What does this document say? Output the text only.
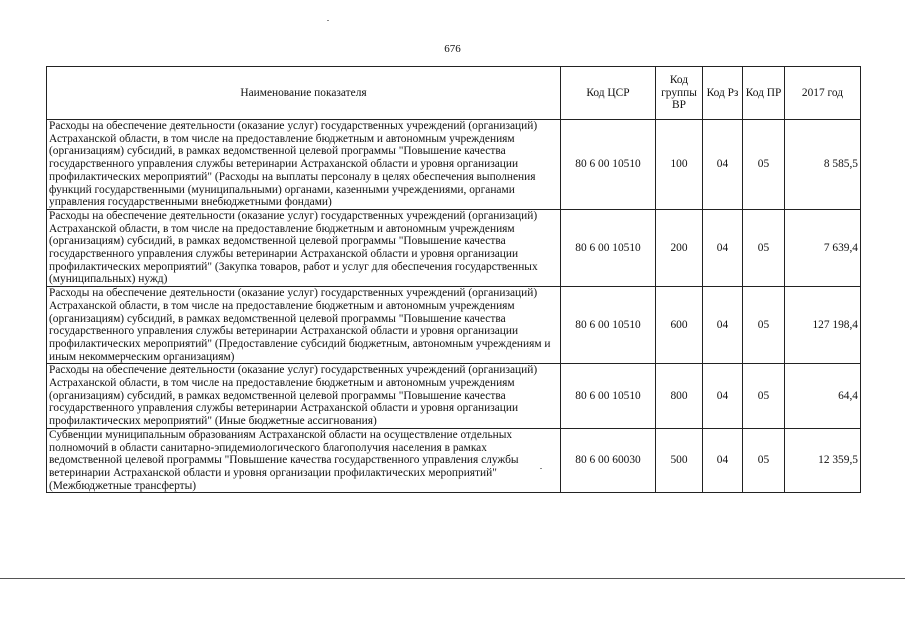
676
Наименование показателя	Код ЦСР	Код группы ВР	Код Рз	Код ПР	2017 год
Расходы на обеспечение деятельности (оказание услуг) государственных учреждений (организаций) Астраханской области, в том числе на предоставление бюджетным и автономным учреждениям (организациям) субсидий, в рамках ведомственной целевой программы "Повышение качества государственного управления службы ветеринарии Астраханской области и уровня организации профилактических мероприятий" (Расходы на выплаты персоналу в целях обеспечения выполнения функций государственными (муниципальными) органами, казенными учреждениями, органами управления государственными внебюджетными фондами)	80 6 00 10510	100	04	05	8 585,5
Расходы на обеспечение деятельности (оказание услуг) государственных учреждений (организаций) Астраханской области, в том числе на предоставление бюджетным и автономным учреждениям (организациям) субсидий, в рамках ведомственной целевой программы "Повышение качества государственного управления службы ветеринарии Астраханской области и уровня организации профилактических мероприятий" (Закупка товаров, работ и услуг для обеспечения государственных (муниципальных) нужд)	80 6 00 10510	200	04	05	7 639,4
Расходы на обеспечение деятельности (оказание услуг) государственных учреждений (организаций) Астраханской области, в том числе на предоставление бюджетным и автономным учреждениям (организациям) субсидий, в рамках ведомственной целевой программы "Повышение качества государственного управления службы ветеринарии Астраханской области и уровня организации профилактических мероприятий" (Предоставление субсидий бюджетным, автономным учреждениям и иным некоммерческим организациям)	80 6 00 10510	600	04	05	127 198,4
Расходы на обеспечение деятельности (оказание услуг) государственных учреждений (организаций) Астраханской области, в том числе на предоставление бюджетным и автономным учреждениям (организациям) субсидий, в рамках ведомственной целевой программы "Повышение качества государственного управления службы ветеринарии Астраханской области и уровня организации профилактических мероприятий" (Иные бюджетные ассигнования)	80 6 00 10510	800	04	05	64,4
Субвенции муниципальным образованиям Астраханской области на осуществление отдельных полномочий в области санитарно-эпидемиологического благополучия населения в рамках ведомственной целевой программы "Повышение качества государственного управления службы ветеринарии Астраханской области и уровня организации профилактических мероприятий" (Межбюджетные трансферты)	80 6 00 60030	500	04	05	12 359,5
